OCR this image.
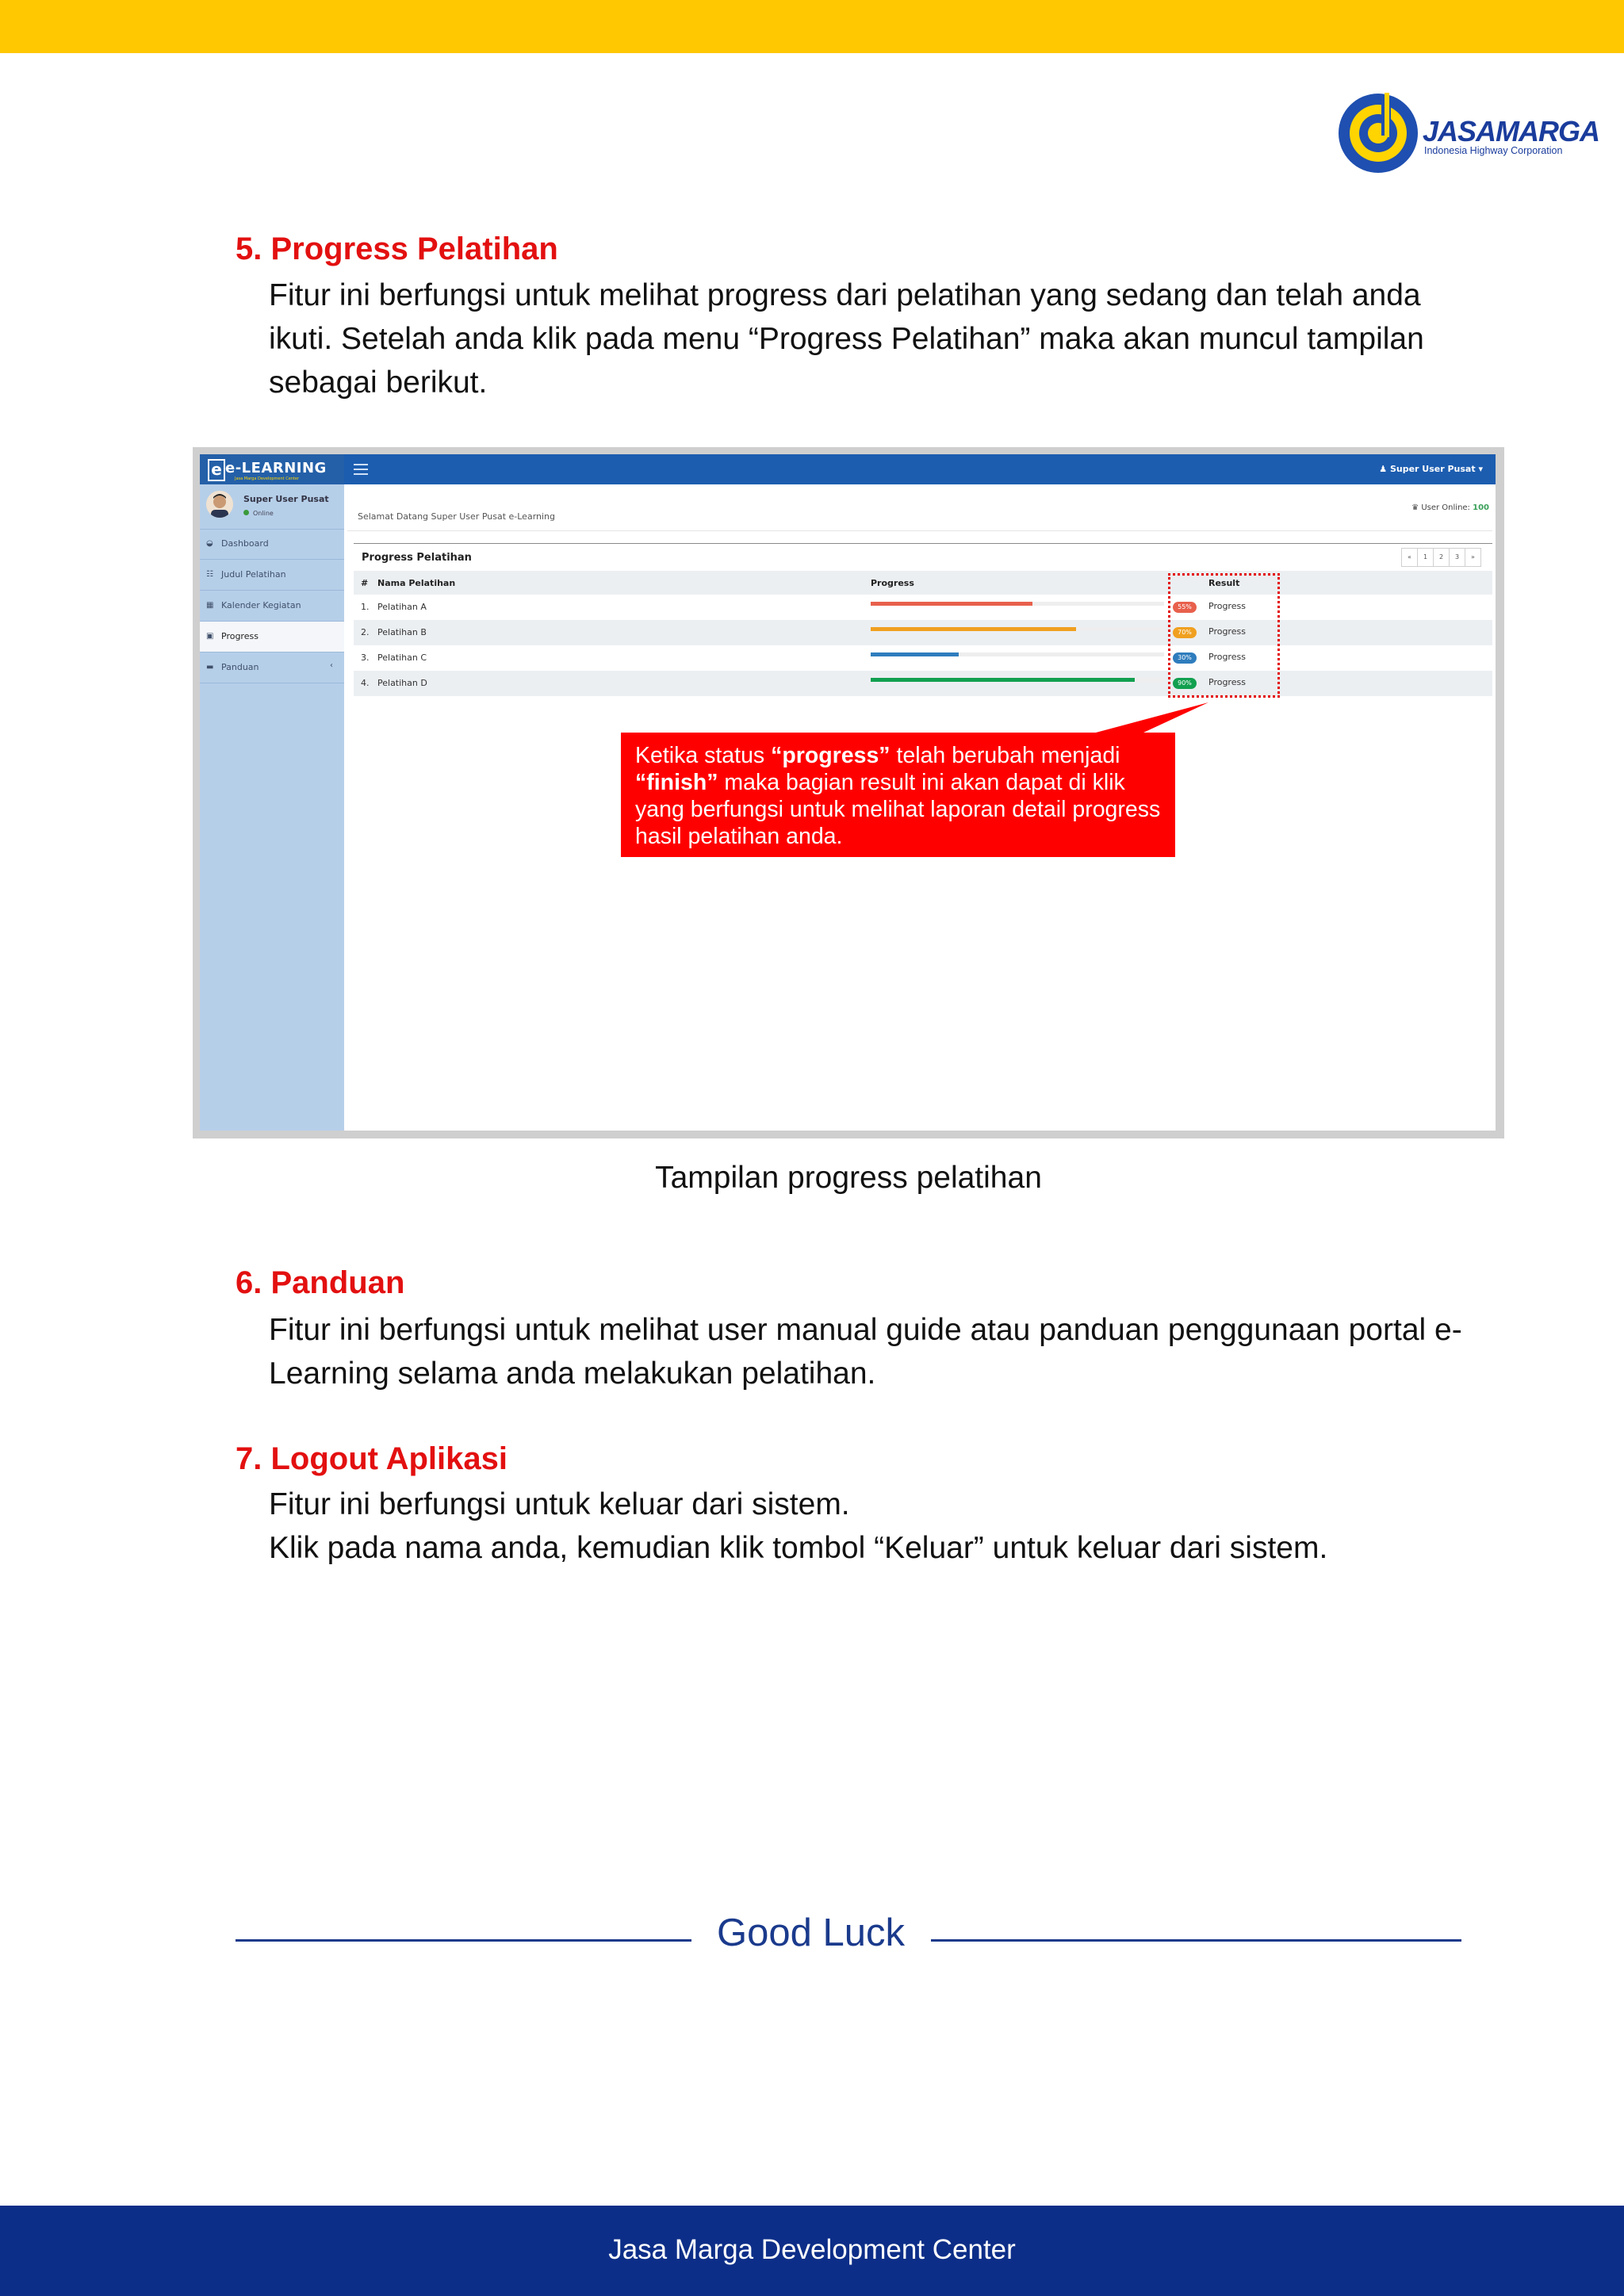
JASAMARGA
Indonesia Highway Corporation
5. Progress Pelatihan

Fitur ini berfungsi untuk melihat progress dari pelatihan yang sedang dan telah anda ikuti. Setelah anda klik pada menu “Progress Pelatihan” maka akan muncul tampilan sebagai berikut.

e e-LEARNING
Jasa Marga Development Center
Super User Pusat
Online
◒ Dashboard
☷ Judul Pelatihan
▦ Kalender Kegiatan
▣ Progress
▬ Panduan	‹
♟ Super User Pusat ▾
Selamat Datang Super User Pusat e-Learning
♛ User Online: 100
Progress Pelatihan	«	1	2	3	»
# Nama Pelatihan	Progress	Result
1. Pelatihan A	55%	Progress
2. Pelatihan B	70%	Progress
3. Pelatihan C	30%	Progress
4. Pelatihan D	90%	Progress

Ketika status “progress” telah berubah menjadi “finish” maka bagian result ini akan dapat di klik yang berfungsi untuk melihat laporan detail progress hasil pelatihan anda.

Tampilan progress pelatihan
6. Panduan

Fitur ini berfungsi untuk melihat user manual guide atau panduan penggunaan portal e-Learning selama anda melakukan pelatihan.

7. Logout Aplikasi

Fitur ini berfungsi untuk keluar dari sistem.

Klik pada nama anda, kemudian klik tombol “Keluar” untuk keluar dari sistem.

Good Luck
Jasa Marga Development Center
